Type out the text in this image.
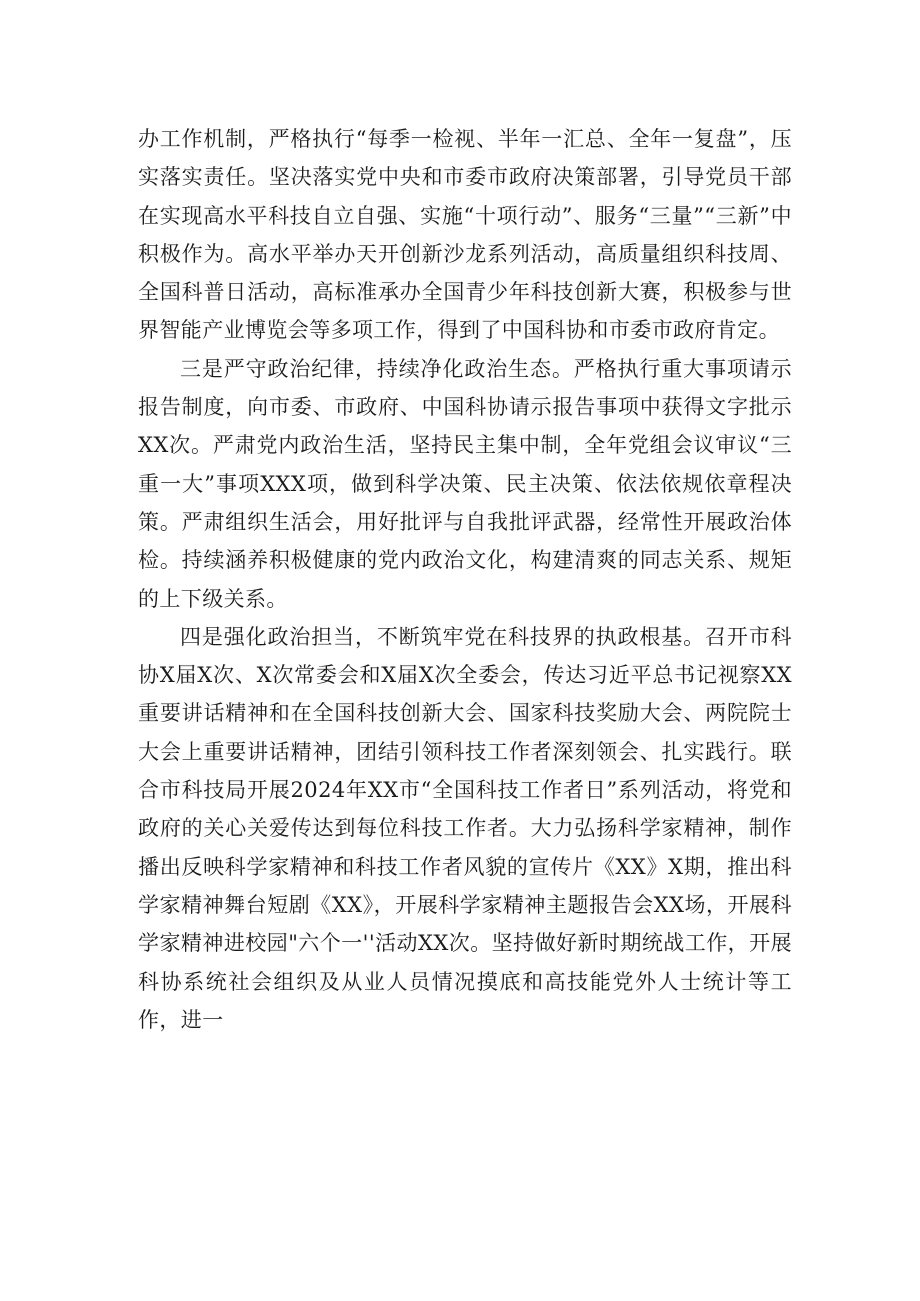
办工作机制，严格执行“每季一检视、半年一汇总、全年一复盘”，压实落实责任。坚决落实党中央和市委市政府决策部署，引导党员干部在实现高水平科技自立自强、实施“十项行动”、服务“三量”“三新”中积极作为。高水平举办天开创新沙龙系列活动，高质量组织科技周、全国科普日活动，高标准承办全国青少年科技创新大赛，积极参与世界智能产业博览会等多项工作，得到了中国科协和市委市政府肯定。

三是严守政治纪律，持续净化政治生态。严格执行重大事项请示报告制度，向市委、市政府、中国科协请示报告事项中获得文字批示XX次。严肃党内政治生活，坚持民主集中制，全年党组会议审议“三重一大”事项XXX项，做到科学决策、民主决策、依法依规依章程决策。严肃组织生活会，用好批评与自我批评武器，经常性开展政治体检。持续涵养积极健康的党内政治文化，构建清爽的同志关系、规矩的上下级关系。

四是强化政治担当，不断筑牢党在科技界的执政根基。召开市科协X届X次、X次常委会和X届X次全委会，传达习近平总书记视察XX重要讲话精神和在全国科技创新大会、国家科技奖励大会、两院院士大会上重要讲话精神，团结引领科技工作者深刻领会、扎实践行。联合市科技局开展2024年XX市“全国科技工作者日”系列活动，将党和政府的关心关爱传达到每位科技工作者。大力弘扬科学家精神，制作播出反映科学家精神和科技工作者风貌的宣传片《XX》X期，推出科学家精神舞台短剧《XX》，开展科学家精神主题报告会XX场，开展科学家精神进校园"六个一''活动XX次。坚持做好新时期统战工作，开展科协系统社会组织及从业人员情况摸底和高技能党外人士统计等工作，进一
